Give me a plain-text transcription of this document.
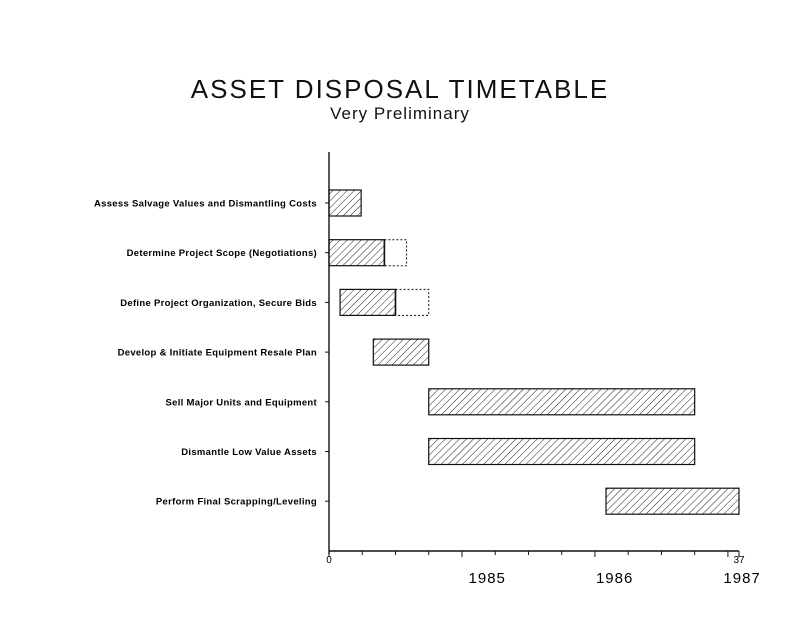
ASSET DISPOSAL TIMETABLE
Very Preliminary
0	37
1985	1986	1987
Assess Salvage Values and Dismantling Costs
Determine Project Scope (Negotiations)
Define Project Organization, Secure Bids
Develop & Initiate Equipment Resale Plan
Sell Major Units and Equipment
Dismantle Low Value Assets
Perform Final Scrapping/Leveling
